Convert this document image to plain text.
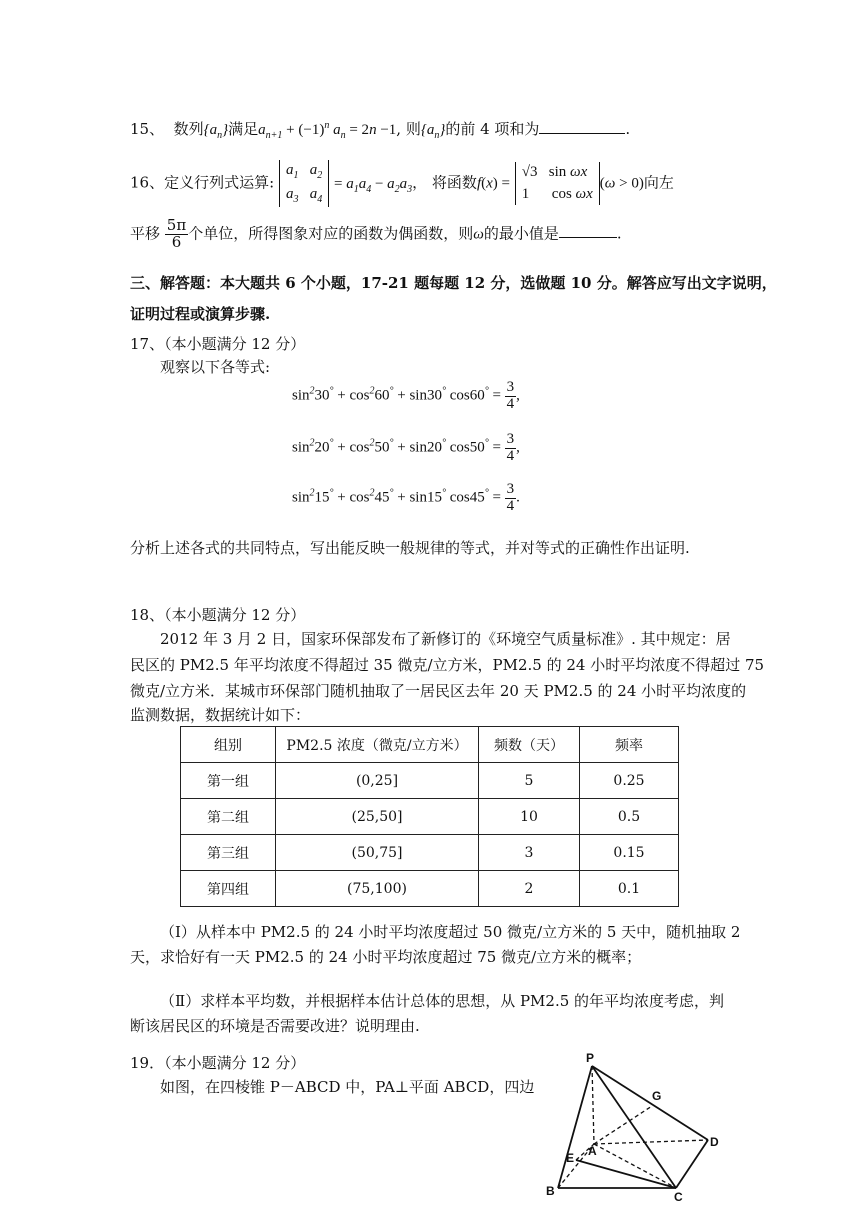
15、 数列$\{a_n\}$满足$a_{n+1} + (-1)^n$ $a_n = 2n -1$, 则$\{a_n\}$的前 4 项和为	.
16、定义行列式运算: $a_1$   $a_2$
$a_3$   $a_4 = a_1a_4 - a_2a_3$， 将函数f(x) = √3 sin ωx
1 cos ωx(ω > 0)向左
平移 $\frac{5\pi}{6}$ 个单位，所得图象对应的函数为偶函数，则ω的最小值是	.
三、解答题：本大题共 6 个小题，17-21 题每题 12 分，选做题 10 分。解答应写出文字说明，
证明过程或演算步骤.
17、（本小题满分 12 分）
观察以下各等式:
$\sin^230^\circ + \cos^260^\circ + \sin 30^\circ$ $\cos 60^\circ = \frac{3}{4}$ ,
$\sin^220^\circ + \cos^250^\circ + \sin 20^\circ$ $\cos 50^\circ = \frac{3}{4}$ ,
$\sin^215^\circ + \cos^245^\circ + \sin 15^\circ$ $\cos 45^\circ = \frac{3}{4}$ .
分析上述各式的共同特点，写出能反映一般规律的等式，并对等式的正确性作出证明.
18、（本小题满分 12 分）
2012 年 3 月 2 日，国家环保部发布了新修订的《环境空气质量标准》. 其中规定：居
民区的 PM2.5 年平均浓度不得超过 35 微克/立方米，PM2.5 的 24 小时平均浓度不得超过 75
微克/立方米．某城市环保部门随机抽取了一居民区去年 20 天 PM2.5 的 24 小时平均浓度的
监测数据，数据统计如下：
组别	PM2.5 浓度（微克/立方米）	频数（天）	频率
第一组	(0,25]	5	0.25
第二组	(25,50]	10	0.5
第三组	(50,75]	3	0.15
第四组	(75,100)	2	0.1
（Ⅰ）从样本中 PM2.5 的 24 小时平均浓度超过 50 微克/立方米的 5 天中，随机抽取 2
天，求恰好有一天 PM2.5 的 24 小时平均浓度超过 75 微克/立方米的概率；
（Ⅱ）求样本平均数，并根据样本估计总体的思想，从 PM2.5 的年平均浓度考虑，判
断该居民区的环境是否需要改进？说明理由.
19．（本小题满分 12 分）
如图，在四棱锥 P－ABCD 中，PA⊥平面 ABCD，四边
P
G
D
A
E
B	C
